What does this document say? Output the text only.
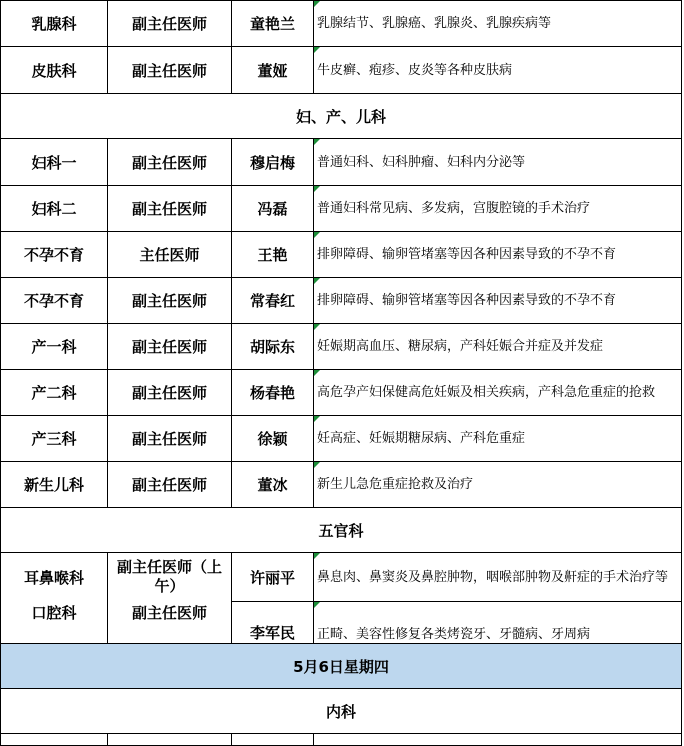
乳腺科	副主任医师	童艳兰	乳腺结节、乳腺癌、乳腺炎、乳腺疾病等
皮肤科	副主任医师	董娅	牛皮癣、疱疹、皮炎等各种皮肤病
妇、产、儿科			
妇科一	副主任医师	穆启梅	普通妇科、妇科肿瘤、妇科内分泌等
妇科二	副主任医师	冯磊	普通妇科常见病、多发病，宫腹腔镜的手术治疗
不孕不育	主任医师	王艳	排卵障碍、输卵管堵塞等因各种因素导致的不孕不育
不孕不育	副主任医师	常春红	排卵障碍、输卵管堵塞等因各种因素导致的不孕不育
产一科	副主任医师	胡际东	妊娠期高血压、糖尿病，产科妊娠合并症及并发症
产二科	副主任医师	杨春艳	高危孕产妇保健高危妊娠及相关疾病，产科急危重症的抢救
产三科	副主任医师	徐颖	妊高症、妊娠期糖尿病、产科危重症
新生儿科	副主任医师	董冰	新生儿急危重症抢救及治疗
五官科			
耳鼻喉科	副主任医师（上午）	许丽平	鼻息肉、鼻窦炎及鼻腔肿物，咽喉部肿物及鼾症的手术治疗等
口腔科	副主任医师	李军民	正畸、美容性修复各类烤瓷牙、牙髓病、牙周病
5月6日星期四			
内科			
